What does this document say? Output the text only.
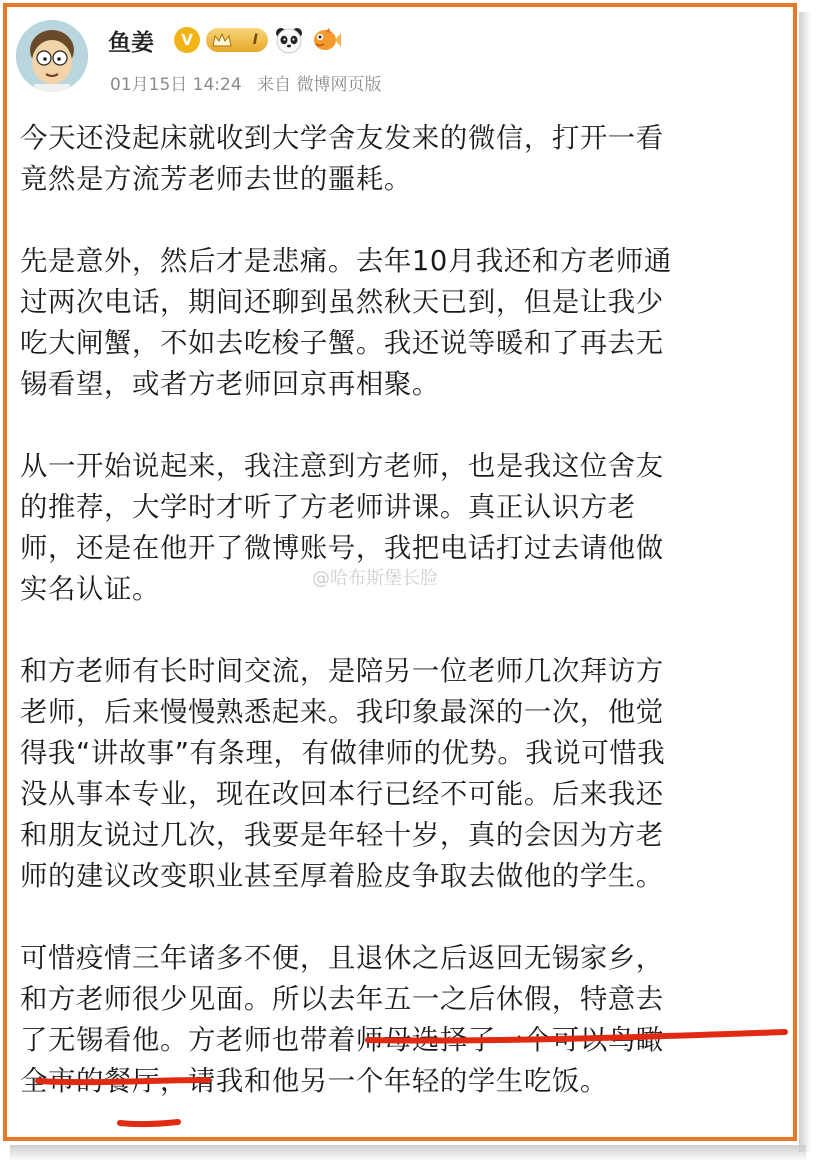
鱼姜	V	I
01月15日 14:24 来自 微博网页版

今天还没起床就收到大学舍友发来的微信，打开一看
竟然是方流芳老师去世的噩耗。

先是意外，然后才是悲痛。去年10月我还和方老师通
过两次电话，期间还聊到虽然秋天已到，但是让我少
吃大闸蟹，不如去吃梭子蟹。我还说等暖和了再去无
锡看望，或者方老师回京再相聚。

从一开始说起来，我注意到方老师，也是我这位舍友
的推荐，大学时才听了方老师讲课。真正认识方老
师，还是在他开了微博账号，我把电话打过去请他做
实名认证。

和方老师有长时间交流，是陪另一位老师几次拜访方
老师，后来慢慢熟悉起来。我印象最深的一次，他觉
得我“讲故事”有条理，有做律师的优势。我说可惜我
没从事本专业，现在改回本行已经不可能。后来我还
和朋友说过几次，我要是年轻十岁，真的会因为方老
师的建议改变职业甚至厚着脸皮争取去做他的学生。

可惜疫情三年诸多不便，且退休之后返回无锡家乡，
和方老师很少见面。所以去年五一之后休假，特意去
了无锡看他。方老师也带着师母选择了一个可以鸟瞰
全市的餐厅，请我和他另一个年轻的学生吃饭。

@哈布斯堡长脸
